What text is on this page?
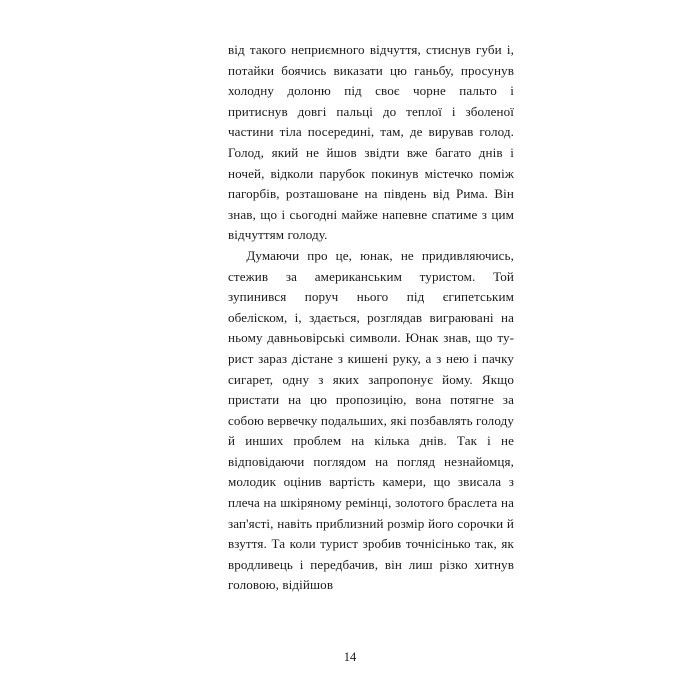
від такого неприємного відчуття, стиснув губи і, потайки боячись виказати цю ганьбу, просунув холодну долоню під своє чорне пальто і притиснув довгі пальці до теплої і зболеної частини тіла посередині, там, де вирував голод. Голод, який не йшов звідти вже багато днів і ночей, відколи парубок покинув містечко поміж пагорбів, розташоване на південь від Рима. Він знав, що і сьогодні майже напевне спатиме з цим відчуттям голоду.

Думаючи про це, юнак, не придивляючись, стежив за американським туристом. Той зупинився поруч нього під єгипетським обеліском, і, здається, розглядав виграювані на ньому давньовірські символи. Юнак знав, що турист зараз дістане з кишені руку, а з нею і пачку сигарет, одну з яких запропонує йому. Якщо пристати на цю пропозицію, вона потягне за собою вервечку подальших, які позбавлять голоду й инших проблем на кілька днів. Так і не відповідаючи поглядом на погляд незнайомця, молодик оцінив вартість камери, що звисала з плеча на шкіряному ремінці, золотого браслета на зап'ясті, навіть приблизний розмір його сорочки й взуття. Та коли турист зробив точнісінько так, як вродливець і передбачив, він лиш різко хитнув головою, відійшов

14
